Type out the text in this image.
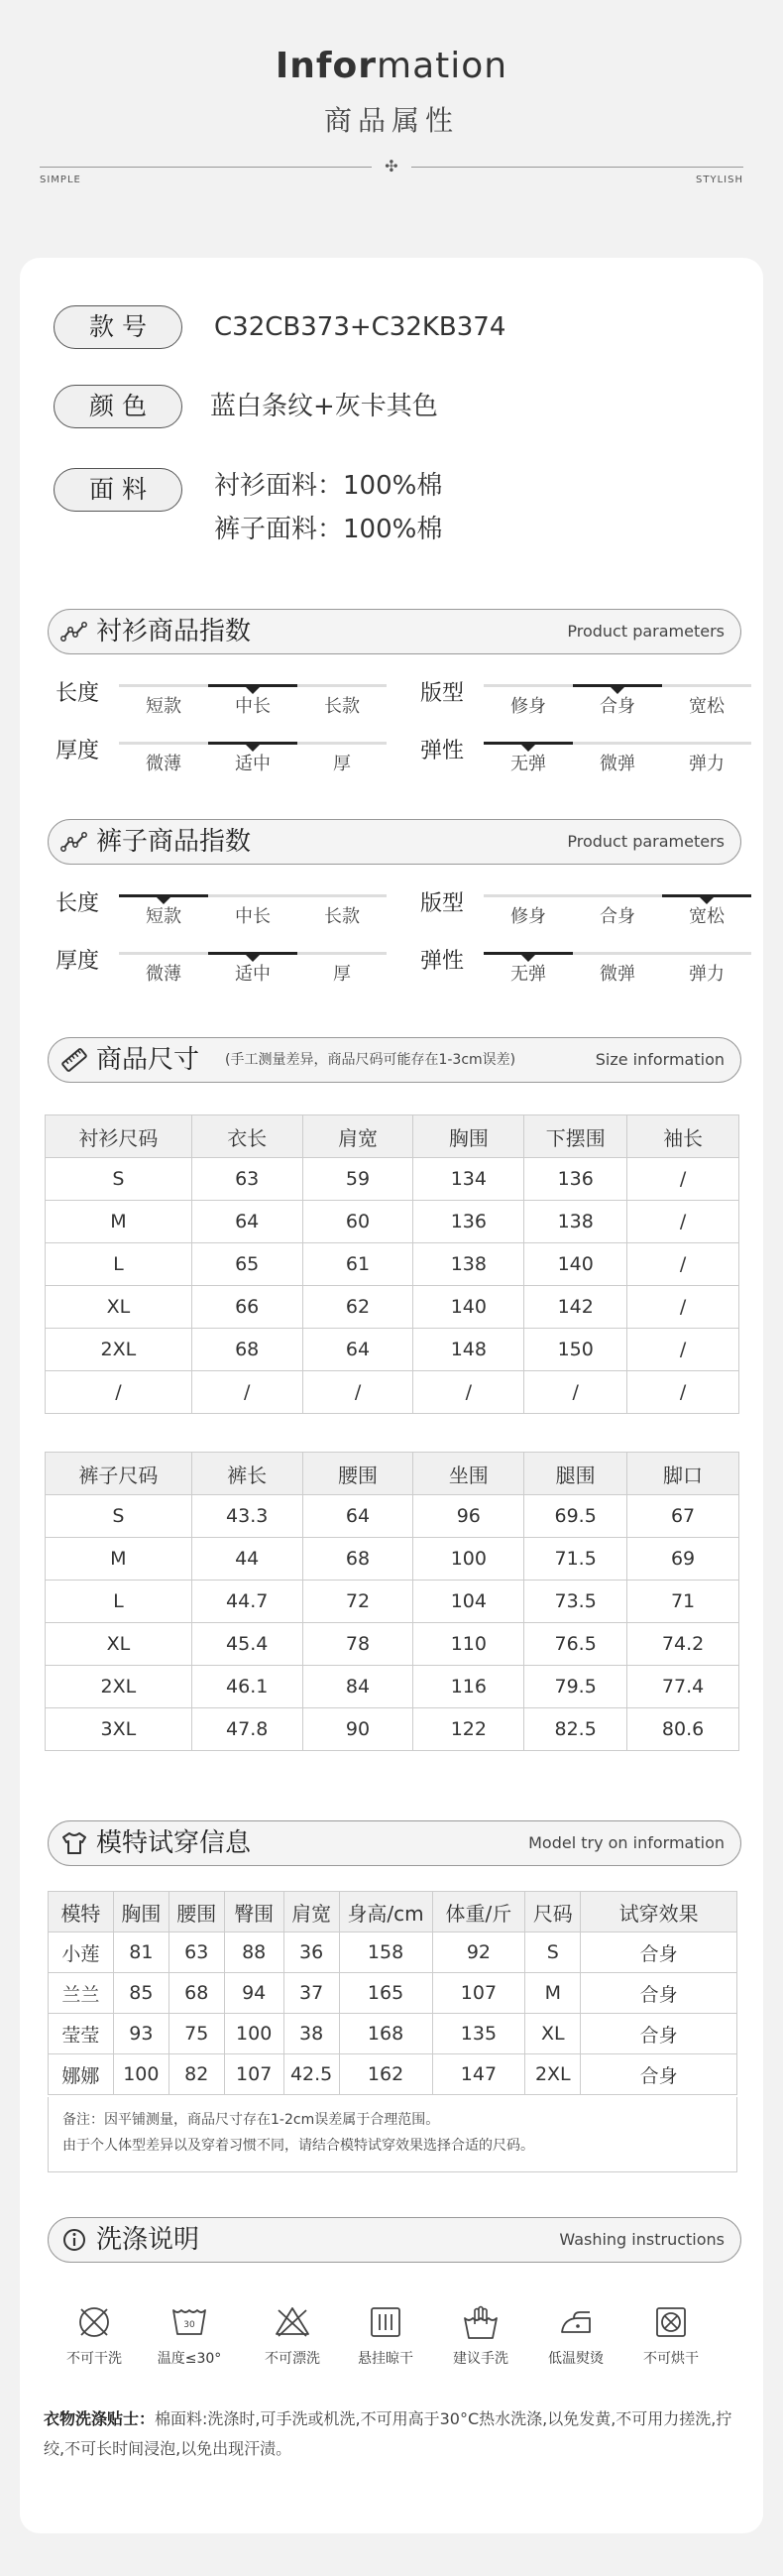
Information
商品属性
✣
SIMPLE	STYLISH
款号	C32CB373+C32KB374
颜色	蓝白条纹+灰卡其色
面料	衬衫面料：100%棉
裤子面料：100%棉
衬衫商品指数	Product parameters
长度
短款	中长	长款
版型
修身	合身	宽松
厚度
微薄	适中	厚
弹性
无弹	微弹	弹力
裤子商品指数	Product parameters
长度
短款	中长	长款
版型
修身	合身	宽松
厚度
微薄	适中	厚
弹性
无弹	微弹	弹力
商品尺寸 (手工测量差异，商品尺码可能存在1-3cm误差)	Size information
衬衫尺码	衣长	肩宽	胸围	下摆围	袖长
S	63	59	134	136	/
M	64	60	136	138	/
L	65	61	138	140	/
XL	66	62	140	142	/
2XL	68	64	148	150	/
/	/	/	/	/	/
裤子尺码	裤长	腰围	坐围	腿围	脚口
S	43.3	64	96	69.5	67
M	44	68	100	71.5	69
L	44.7	72	104	73.5	71
XL	45.4	78	110	76.5	74.2
2XL	46.1	84	116	79.5	77.4
3XL	47.8	90	122	82.5	80.6
模特试穿信息	Model try on information
模特	胸围	腰围	臀围	肩宽	身高/cm	体重/斤	尺码	试穿效果
小莲	81	63	88	36	158	92	S	合身
兰兰	85	68	94	37	165	107	M	合身
莹莹	93	75	100	38	168	135	XL	合身
娜娜	100	82	107	42.5	162	147	2XL	合身
备注：因平铺测量，商品尺寸存在1-2cm误差属于合理范围。
由于个人体型差异以及穿着习惯不同，请结合模特试穿效果选择合适的尺码。
洗涤说明	Washing instructions
不可干洗
30
温度≤30°	不可漂洗	悬挂晾干	建议手洗	低温熨烫	不可烘干
衣物洗涤贴士：棉面料:洗涤时,可手洗或机洗,不可用高于30°C热水洗涤,以免发黄,不可用力搓洗,拧绞,不可长时间浸泡,以免出现汗渍。
